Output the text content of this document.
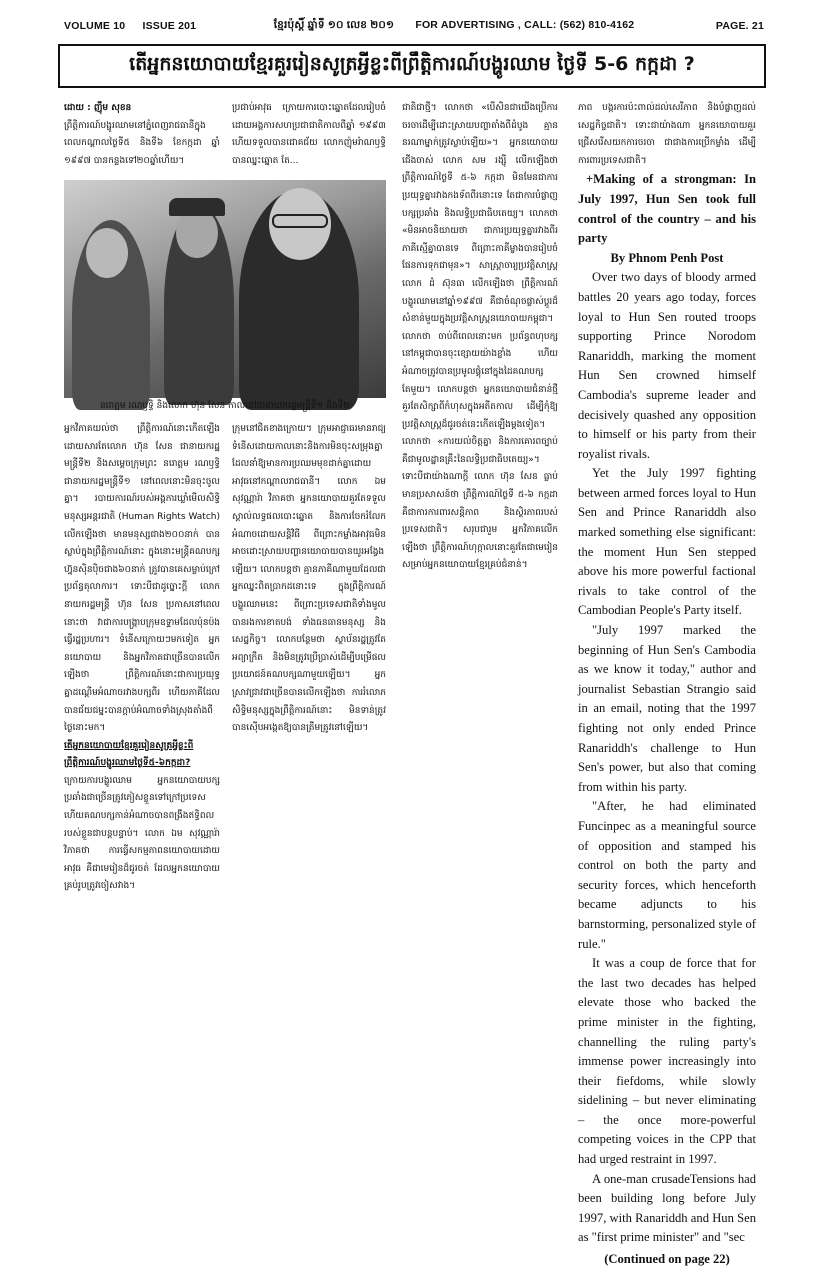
VOLUME 10 ISSUE 201	ខ្មែរប៉ុស្តិ៍ ឆ្នាំទី ១០ លេខ ២០១ FOR ADVERTISING , CALL: (562) 810-4162	PAGE. 21
តើអ្នកនយោបាយខ្មែរគួររៀនសូត្រអ្វីខ្លះពីព្រឹត្តិការណ៍បង្ហូរឈាម ថ្ងៃទី 5-6 កក្កដា ?

ដោយ : ញ៉ឹម សុខន

ព្រឹត្តិការណ៍បង្ហូរឈាមនៅភ្នំពេញរាជធានីក្នុងពេលកណ្តាលថ្ងៃទី៥ និងទី៦ ខែកក្កដា ឆ្នាំ ១៩៩៧ បានកន្លងទៅ២០ឆ្នាំហើយ។

ប្រជាប់អាវុធ ក្រោយការបោះឆ្នោតដែលរៀបចំដោយអង្គការសហប្រជាជាតិកាលពីឆ្នាំ ១៩៩៣ ហើយទទួលបានជោគជ័យ លោកញ៉ុមរ៉ាណឫទ្ធិ បានឈ្នះឆ្នោត តែ...

នរោត្តម រណឫទ្ធិ និងលោក ហ៊ុន សែន កាលនៅជានាយករដ្ឋមន្ត្រីទី១ និងទី២

អ្នកវិភាគយល់ថា ព្រឹត្តិការណ៍នោះកើតឡើងដោយសារតែលោក ហ៊ុន សែន ជានាយករដ្ឋមន្ត្រីទី២ និងសម្តេចក្រុមព្រះ នរោត្តម រណឫទ្ធិ ជានាយករដ្ឋមន្ត្រីទី១ នៅពេលនោះមិនចុះចូលគ្នា។ របាយការណ៍របស់អង្គការឃ្លាំមើលសិទ្ធិមនុស្សអន្តរជាតិ (Human Rights Watch) លើកឡើងថា មានមនុស្សជាង២០០នាក់ បានស្លាប់ក្នុងព្រឹត្តិការណ៍នោះ ក្នុងនោះមន្ត្រីគណបក្សហ្វ៊ុនស៊ិនប៉ិចជាង៦០នាក់ ត្រូវបានគេសម្លាប់ក្រៅប្រព័ន្ធតុលាការ។ ទោះបីជាដូច្នោះក្តី លោកនាយករដ្ឋមន្ត្រី ហ៊ុន សែន ប្រកាសនៅពេលនោះថា វាជាការបង្ក្រាបក្រុមឧទ្ទាមដែលប៉ុនប៉ងធ្វើរដ្ឋប្រហារ។ ទំនើសក្រោយៗមកទៀត អ្នកនយោបាយ និងអ្នកវិភាគជាច្រើនបានលើកឡើងថា ព្រឹត្តិការណ៍នោះជាការប្រយុទ្ធគ្នាដណ្តើមអំណាចរវាងបក្សពីរ ហើយភាគីដែលបានជ័យជម្នះបានក្តាប់អំណាចទាំងស្រុងតាំងពីថ្ងៃនោះមក។

តើអ្នកនយោបាយខ្មែរគួររៀនសូត្រអ្វីខ្លះពីព្រឹត្តិការណ៍បង្ហូរឈាមថ្ងៃទី៥-៦កក្កដា?

ក្រោយការបង្ហូរឈាម អ្នកនយោបាយបក្សប្រឆាំងជាច្រើនត្រូវភៀសខ្លួនទៅក្រៅប្រទេស ហើយគណបក្សកាន់អំណាចបានពង្រឹងឥទ្ធិពលរបស់ខ្លួនជាបន្តបន្ទាប់។ លោក ឯម សុវណ្ណារ៉ា វិភាគថា ការធ្វើសកម្មភាពនយោបាយដោយអាវុធ គឺជាមេរៀនដ៏ជូរចត់ ដែលអ្នកនយោបាយគ្រប់រូបត្រូវចៀសវាង។

ក្រុមនៅជិតខាងក្រោយ។ ក្រុមអាជ្ញាធរមានរាជ្យទំនើសដោយកាលនោះនិងការមិនចុះសម្រុងគ្នា ដែលនាំឱ្យមានការប្រឈមមុខដាក់គ្នាដោយអាវុធនៅកណ្តាលរាជធានី។ លោក ឯម សុវណ្ណារ៉ា វិភាគថា អ្នកនយោបាយគួរតែទទួលស្គាល់លទ្ធផលបោះឆ្នោត និងការចែករំលែកអំណាចដោយសន្តិវិធី ពីព្រោះកម្លាំងអាវុធមិនអាចដោះស្រាយបញ្ហានយោបាយបានយូរអង្វែងឡើយ។ លោកបន្តថា គ្មានភាគីណាមួយដែលជាអ្នកឈ្នះពិតប្រាកដនោះទេ ក្នុងព្រឹត្តិការណ៍បង្ហូរឈាមនេះ ពីព្រោះប្រទេសជាតិទាំងមូលបានរងការខាតបង់ ទាំងធនធានមនុស្ស និងសេដ្ឋកិច្ច។ លោកបន្ថែមថា ស្ថាប័នរដ្ឋត្រូវតែអព្យាក្រឹត និងមិនត្រូវប្រើប្រាស់ដើម្បីបម្រើផលប្រយោជន៍គណបក្សណាមួយឡើយ។ អ្នកស្រាវជ្រាវជាច្រើនបានលើកឡើងថា ការរំលោភសិទ្ធិមនុស្សក្នុងព្រឹត្តិការណ៍នោះ មិនទាន់ត្រូវបានស៊ើបអង្កេតឱ្យបានត្រឹមត្រូវនៅឡើយ។

ជាតិជាថ្មី។ លោកថា «បើសិនជាយើងប្រើការចរចាដើម្បីដោះស្រាយបញ្ហាតាំងពីដំបូង គ្មាននរណាម្នាក់ត្រូវស្លាប់ឡើយ»។ អ្នកនយោបាយជើងចាស់ លោក សម រង្ស៊ី លើកឡើងថា ព្រឹត្តិការណ៍ថ្ងៃទី ៥-៦ កក្កដា មិនមែនជាការប្រយុទ្ធគ្នារវាងកងទ័ពពីរនោះទេ តែជាការបំផ្លាញបក្សប្រឆាំង និងលទ្ធិប្រជាធិបតេយ្យ។ លោកថា «មិនអាចនិយាយថា ជាការប្រយុទ្ធគ្នារវាងពីរភាគីស្មើគ្នាបានទេ ពីព្រោះភាគីម្ខាងបានរៀបចំផែនការទុកជាមុន»។ សាស្ត្រាចារ្យប្រវត្តិសាស្ត្រ លោក ដំ ស៊ុនធា លើកឡើងថា ព្រឹត្តិការណ៍បង្ហូរឈាមនៅឆ្នាំ១៩៩៧ គឺជាចំណុចផ្លាស់ប្តូរដ៏សំខាន់មួយក្នុងប្រវត្តិសាស្ត្រនយោបាយកម្ពុជា។ លោកថា ចាប់ពីពេលនោះមក ប្រព័ន្ធពហុបក្សនៅកម្ពុជាបានចុះខ្សោយយ៉ាងខ្លាំង ហើយអំណាចត្រូវបានប្រមូលផ្តុំនៅក្នុងដៃគណបក្សតែមួយ។ លោកបន្តថា អ្នកនយោបាយជំនាន់ថ្មីគួរតែសិក្សាពីកំហុសក្នុងអតីតកាល ដើម្បីកុំឱ្យប្រវត្តិសាស្ត្រដ៏ជូរចត់នេះកើតឡើងម្តងទៀត។ លោកថា «ការយល់ចិត្តគ្នា និងការគោរពច្បាប់ គឺជាមូលដ្ឋានគ្រឹះនៃលទ្ធិប្រជាធិបតេយ្យ»។ ទោះបីជាយ៉ាងណាក្តី លោក ហ៊ុន សែន ធ្លាប់មានប្រសាសន៍ថា ព្រឹត្តិការណ៍ថ្ងៃទី ៥-៦ កក្កដា គឺជាការការពារសន្តិភាព និងស្ថិរភាពរបស់ប្រទេសជាតិ។ សរុបជារួម អ្នកវិភាគលើកឡើងថា ព្រឹត្តិការណ៍ហុក្កាលនោះគួរតែជាមេរៀនសម្រាប់អ្នកនយោបាយខ្មែរគ្រប់ជំនាន់។

ភាព បង្ករការប៉ះពាល់ដល់សេរីភាព និងបំផ្លាញដល់សេដ្ឋកិច្ចជាតិ។ ទោះជាយ៉ាងណា អ្នកនយោបាយគួរជ្រើសរើសយកការចរចា ជាជាងការប្រើកម្លាំង ដើម្បីការពារប្រទេសជាតិ។

+Making of a strongman: In July 1997, Hun Sen took full control of the country – and his party

By Phnom Penh Post

Over two days of bloody armed battles 20 years ago today, forces loyal to Hun Sen routed troops supporting Prince Norodom Ranariddh, marking the moment Hun Sen crowned himself Cambodia's supreme leader and decisively quashed any opposition to himself or his party from their royalist rivals.

Yet the July 1997 fighting between armed forces loyal to Hun Sen and Prince Ranariddh also marked something else significant: the moment Hun Sen stepped above his more powerful factional rivals to take control of the Cambodian People's Party itself.

"July 1997 marked the beginning of Hun Sen's Cambodia as we know it today," author and journalist Sebastian Strangio said in an email, noting that the 1997 fighting not only ended Prince Ranariddh's challenge to Hun Sen's power, but also that coming from within his party.

"After, he had eliminated Funcinpec as a meaningful source of opposition and stamped his control on both the party and security forces, which henceforth became adjuncts to his barnstorming, personalized style of rule."

It was a coup de force that for the last two decades has helped elevate those who backed the prime minister in the fighting, channelling the ruling party's immense power increasingly into their fiefdoms, while slowly sidelining – but never eliminating – the once more-powerful competing voices in the CPP that had urged restraint in 1997.

A one-man crusadeTensions had been building long before July 1997, with Ranariddh and Hun Sen as "first prime minister" and "sec

(Continued on page 22)
